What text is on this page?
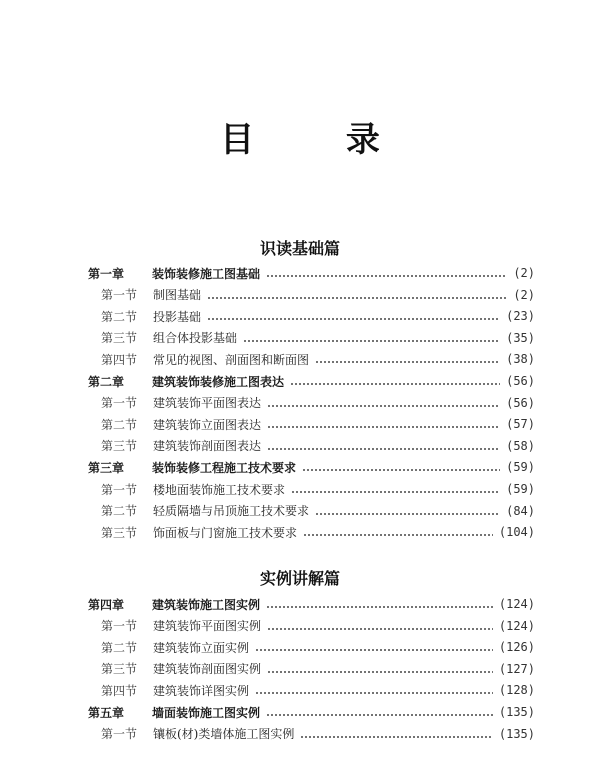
目 录
识读基础篇
第一章	装饰装修施工图基础	(2)
第一节	制图基础	(2)
第二节	投影基础	(23)
第三节	组合体投影基础	(35)
第四节	常见的视图、剖面图和断面图	(38)
第二章	建筑装饰装修施工图表达	(56)
第一节	建筑装饰平面图表达	(56)
第二节	建筑装饰立面图表达	(57)
第三节	建筑装饰剖面图表达	(58)
第三章	装饰装修工程施工技术要求	(59)
第一节	楼地面装饰施工技术要求	(59)
第二节	轻质隔墙与吊顶施工技术要求	(84)
第三节	饰面板与门窗施工技术要求	(104)
实例讲解篇
第四章	建筑装饰施工图实例	(124)
第一节	建筑装饰平面图实例	(124)
第二节	建筑装饰立面实例	(126)
第三节	建筑装饰剖面图实例	(127)
第四节	建筑装饰详图实例	(128)
第五章	墙面装饰施工图实例	(135)
第一节	镶板(材)类墙体施工图实例	(135)
